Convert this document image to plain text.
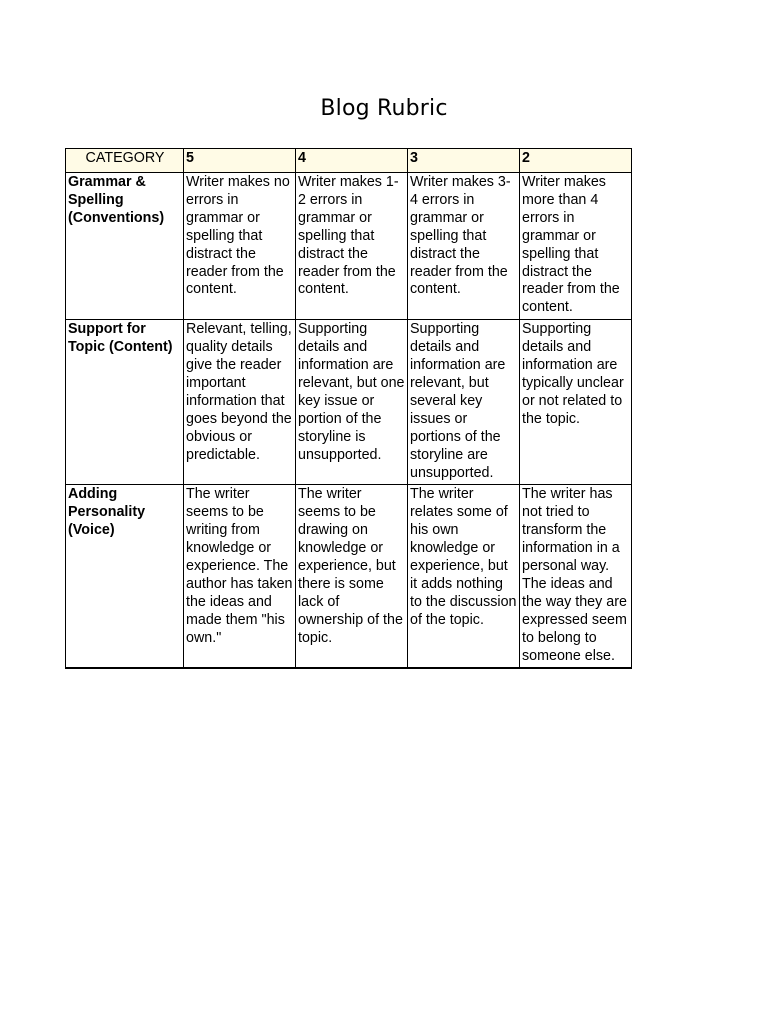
Blog Rubric
CATEGORY	5	4	3	2
Grammar & Spelling (Conventions)	Writer makes no errors in grammar or spelling that distract the reader from the content.	Writer makes 1-2 errors in grammar or spelling that distract the reader from the content.	Writer makes 3-4 errors in grammar or spelling that distract the reader from the content.	Writer makes more than 4 errors in grammar or spelling that distract the reader from the content.
Support for Topic (Content)	Relevant, telling, quality details give the reader important information that goes beyond the obvious or predictable.	Supporting details and information are relevant, but one key issue or portion of the storyline is unsupported.	Supporting details and information are relevant, but several key issues or portions of the storyline are unsupported.	Supporting details and information are typically unclear or not related to the topic.
Adding Personality (Voice)	The writer seems to be writing from knowledge or experience. The author has taken the ideas and made them "his own."	The writer seems to be drawing on knowledge or experience, but there is some lack of ownership of the topic.	The writer relates some of his own knowledge or experience, but it adds nothing to the discussion of the topic.	The writer has not tried to transform the information in a personal way. The ideas and the way they are expressed seem to belong to someone else.
